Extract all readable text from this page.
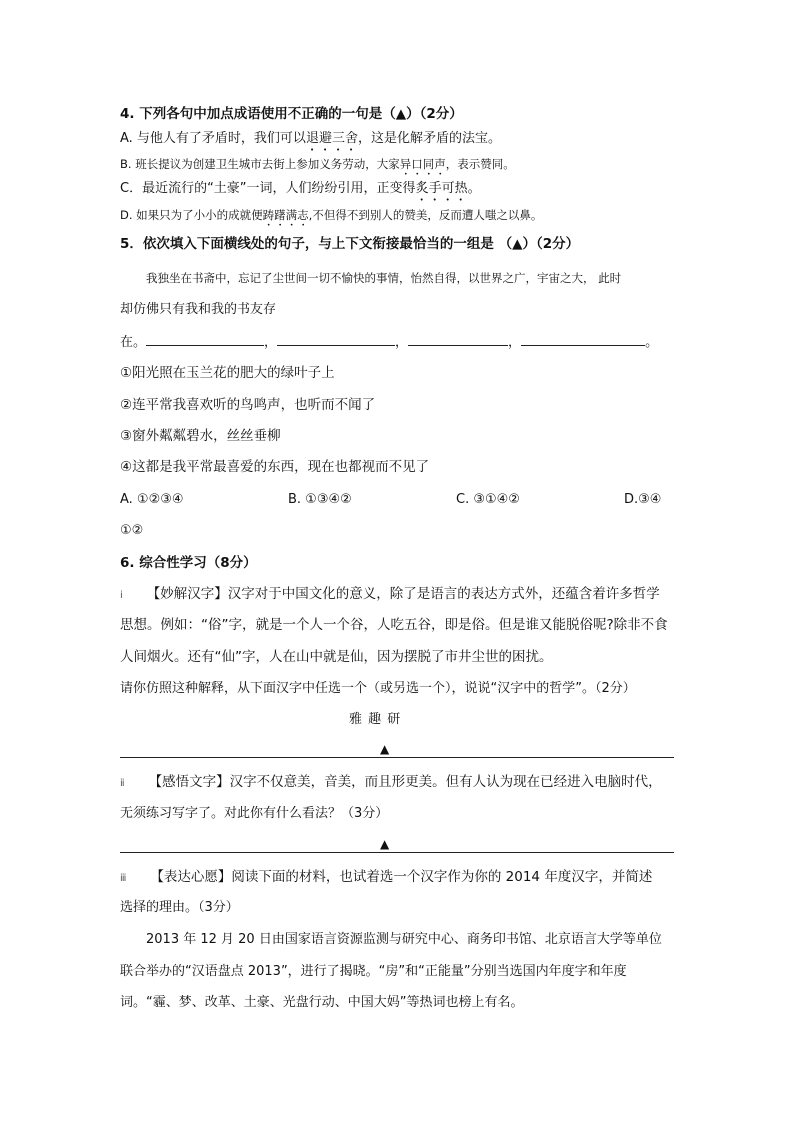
4. 下列各句中加点成语使用不正确的一句是（▲）（2分）
A. 与他人有了矛盾时，我们可以退避三舍，这是化解矛盾的法宝。
B. 班长提议为创建卫生城市去街上参加义务劳动，大家异口同声，表示赞同。
C．最近流行的“土豪”一词，人们纷纷引用，正变得炙手可热。
D. 如果只为了小小的成就便踌躇满志,不但得不到别人的赞美，反而遭人嗤之以鼻。
5．依次填入下面横线处的句子，与上下文衔接最恰当的一组是 （▲）（2分）
我独坐在书斋中，忘记了尘世间一切不愉快的事情，怡然自得，以世界之广，宇宙之大， 此时
却仿佛只有我和我的书友存
在。	，	，	，	。
①阳光照在玉兰花的肥大的绿叶子上
②连平常我喜欢听的鸟鸣声，也听而不闻了
③窗外粼粼碧水，丝丝垂柳
④这都是我平常最喜爱的东西，现在也都视而不见了
A. ①②③④	B. ①③④②	C. ③①④②	D.③④
①②
6. 综合性学习（8分）
ⅰ 【妙解汉字】汉字对于中国文化的意义，除了是语言的表达方式外，还蕴含着许多哲学
思想。例如：“俗”字，就是一个人一个谷，人吃五谷，即是俗。但是谁又能脱俗呢?除非不食
人间烟火。还有“仙”字，人在山中就是仙，因为摆脱了市井尘世的困扰。
请你仿照这种解释，从下面汉字中任选一个（或另选一个），说说“汉字中的哲学”。（2分）
雅 趣 研
▲
ⅱ 【感悟文字】汉字不仅意美，音美，而且形更美。但有人认为现在已经进入电脑时代，
无须练习写字了。对此你有什么看法？（3分）
▲
ⅲ 【表达心愿】阅读下面的材料，也试着选一个汉字作为你的 2014 年度汉字，并简述
选择的理由。（3分）
2013 年 12 月 20 日由国家语言资源监测与研究中心、商务印书馆、北京语言大学等单位
联合举办的“汉语盘点 2013”，进行了揭晓。“房”和“正能量”分别当选国内年度字和年度
词。“霾、梦、改革、土豪、光盘行动、中国大妈”等热词也榜上有名。
